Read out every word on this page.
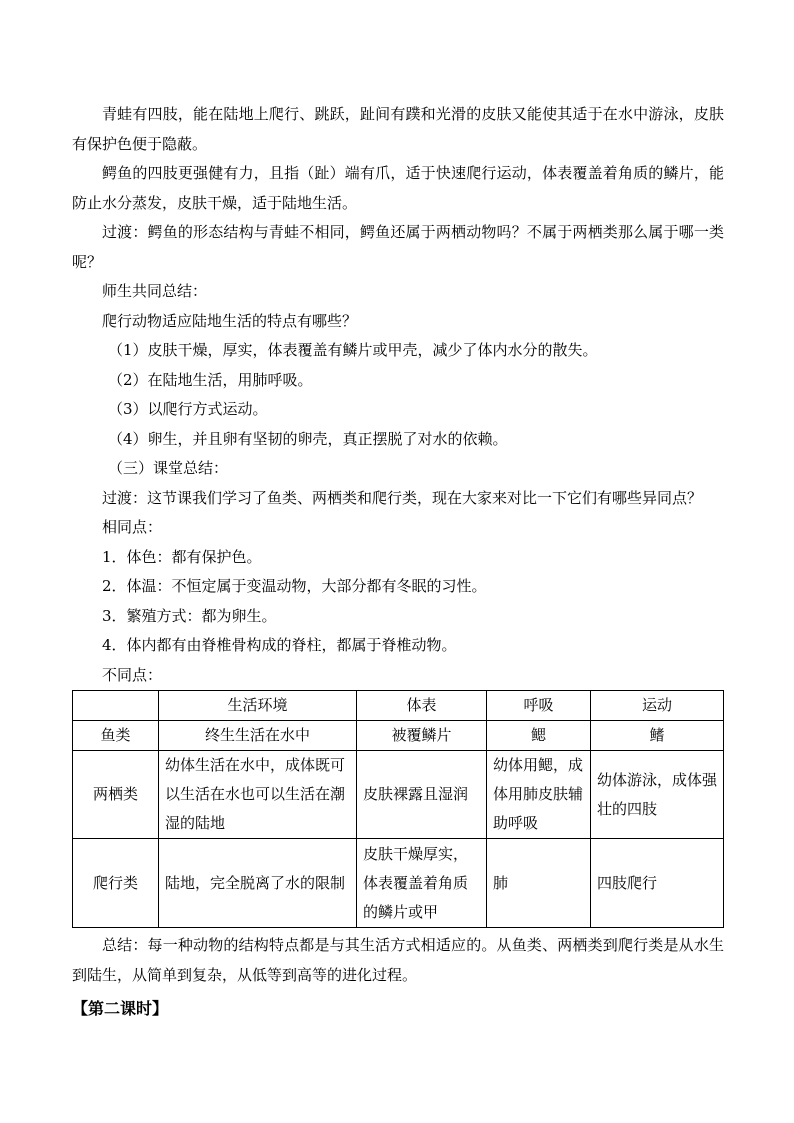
青蛙有四肢，能在陆地上爬行、跳跃，趾间有蹼和光滑的皮肤又能使其适于在水中游泳，皮肤有保护色便于隐蔽。

鳄鱼的四肢更强健有力，且指（趾）端有爪，适于快速爬行运动，体表覆盖着角质的鳞片，能防止水分蒸发，皮肤干燥，适于陆地生活。

过渡：鳄鱼的形态结构与青蛙不相同，鳄鱼还属于两栖动物吗？不属于两栖类那么属于哪一类呢？

师生共同总结：

爬行动物适应陆地生活的特点有哪些？

（1）皮肤干燥，厚实，体表覆盖有鳞片或甲壳，减少了体内水分的散失。

（2）在陆地生活，用肺呼吸。

（3）以爬行方式运动。

（4）卵生，并且卵有坚韧的卵壳，真正摆脱了对水的依赖。

（三）课堂总结：

过渡：这节课我们学习了鱼类、两栖类和爬行类，现在大家来对比一下它们有哪些异同点？

相同点：

1．体色：都有保护色。

2．体温：不恒定属于变温动物，大部分都有冬眠的习性。

3．繁殖方式：都为卵生。

4．体内都有由脊椎骨构成的脊柱，都属于脊椎动物。

不同点：

	生活环境	体表	呼吸	运动
鱼类	终生生活在水中	被覆鳞片	鳃	鳍
两栖类	幼体生活在水中，成体既可以生活在水也可以生活在潮湿的陆地	皮肤裸露且湿润	幼体用鳃，成体用肺皮肤辅助呼吸	幼体游泳，成体强壮的四肢
爬行类	陆地，完全脱离了水的限制	皮肤干燥厚实，体表覆盖着角质的鳞片或甲	肺	四肢爬行

总结：每一种动物的结构特点都是与其生活方式相适应的。从鱼类、两栖类到爬行类是从水生到陆生，从简单到复杂，从低等到高等的进化过程。

【第二课时】
